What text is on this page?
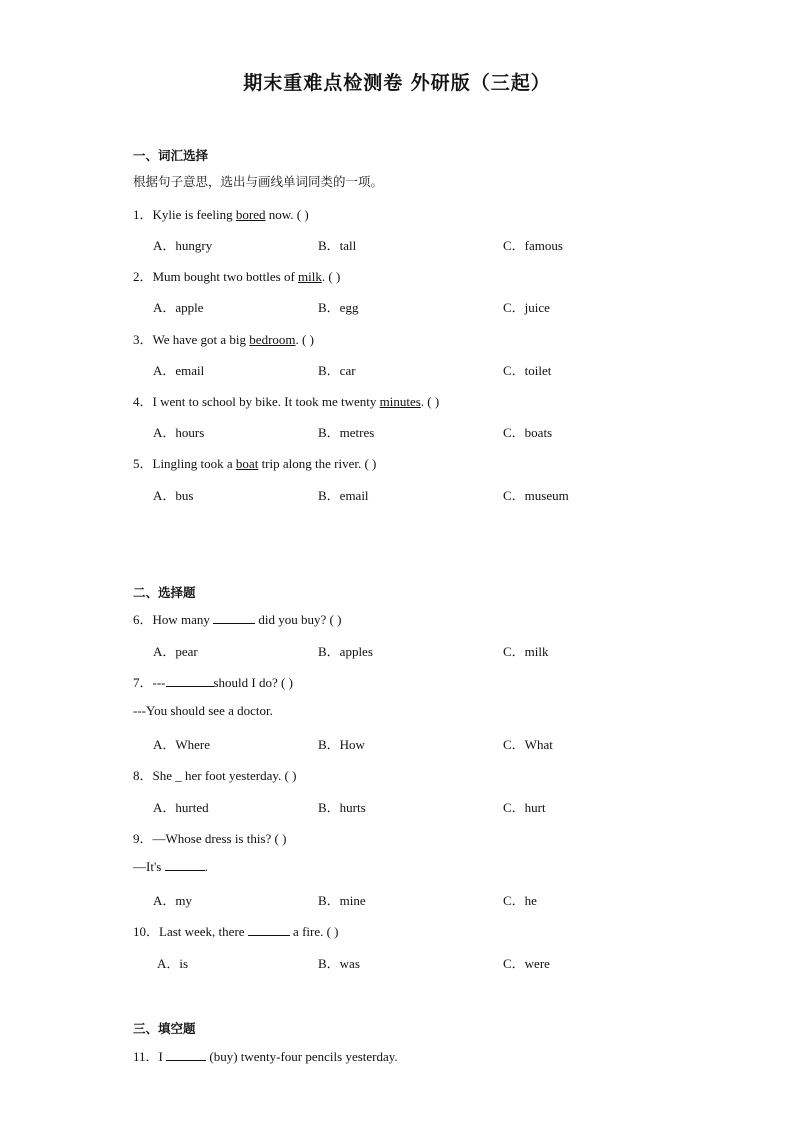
期末重难点检测卷 外研版（三起）
一、词汇选择
根据句子意思，选出与画线单词同类的一项。
1．Kylie is feeling bored now. ( )
A．hungry	B．tall	C．famous
2．Mum bought two bottles of milk. ( )
A．apple	B．egg	C．juice
3．We have got a big bedroom. ( )
A．email	B．car	C．toilet
4．I went to school by bike. It took me twenty minutes. ( )
A．hours	B．metres	C．boats
5．Lingling took a boat trip along the river. ( )
A．bus	B．email	C．museum
二、选择题
6．How many	did you buy? ( )
A．pear	B．apples	C．milk
7．---	should I do? ( )
---You should see a doctor.
A．Where	B．How	C．What
8．She _ her foot yesterday. ( )
A．hurted	B．hurts	C．hurt
9．—Whose dress is this? ( )
—It's	.
A．my	B．mine	C．he
10．Last week, there	a fire. ( )
A．is	B．was	C．were
三、填空题
11．I	(buy) twenty-four pencils yesterday.
